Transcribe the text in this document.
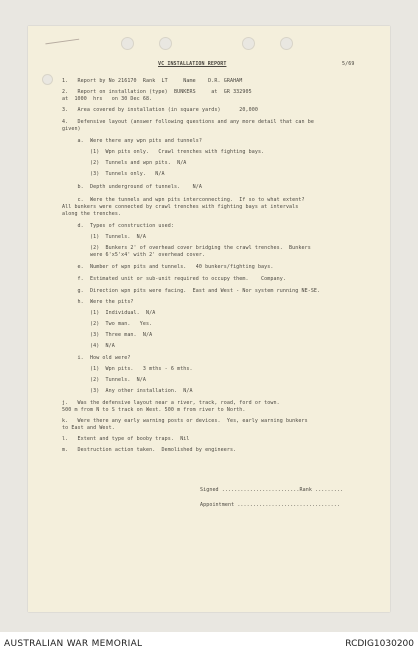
VC INSTALLATION REPORT	5/69
1.   Report by No 216170  Rank  LT     Name    D.R. GRAHAM
2.   Report on installation (type)  BUNKERS     at  GR 332905
at  1000  hrs   on 30 Dec 68.
3.   Area covered by installation (in square yards)      20,000
4.   Defensive layout (answer following questions and any more detail that can be
given)
a.  Were there any wpn pits and tunnels?
(1)  Wpn pits only.   Crawl trenches with fighting bays.
(2)  Tunnels and wpn pits.  N/A
(3)  Tunnels only.   N/A
b.  Depth underground of tunnels.    N/A
c.  Were the tunnels and wpn pits interconnecting.  If so to what extent?
All bunkers were connected by crawl trenches with fighting bays at intervals
along the trenches.
d.  Types of construction used:
(1)  Tunnels.  N/A
(2)  Bunkers 2' of overhead cover bridging the crawl trenches.  Bunkers
were 6'x5'x4' with 2' overhead cover.
e.  Number of wpn pits and tunnels.   40 bunkers/fighting bays.
f.  Estimated unit or sub-unit required to occupy them.    Company.
g.  Direction wpn pits were facing.  East and West - Nor system running NE-SE.
h.  Were the pits?
(1)  Individual.  N/A
(2)  Two man.   Yes.
(3)  Three man.  N/A
(4)  N/A
i.  How old were?
(1)  Wpn pits.   3 mths - 6 mths.
(2)  Tunnels.  N/A
(3)  Any other installation.  N/A
j.   Was the defensive layout near a river, track, road, ford or town.
500 m from N to S track on West. 500 m from river to North.
k.   Were there any early warning posts or devices.  Yes, early warning bunkers
to East and West.
l.   Extent and type of booby traps.  Nil
m.   Destruction action taken.  Demolished by engineers.
Signed .........................Rank .........
Appointment .................................
AUSTRALIAN WAR MEMORIAL	RCDIG1030200
